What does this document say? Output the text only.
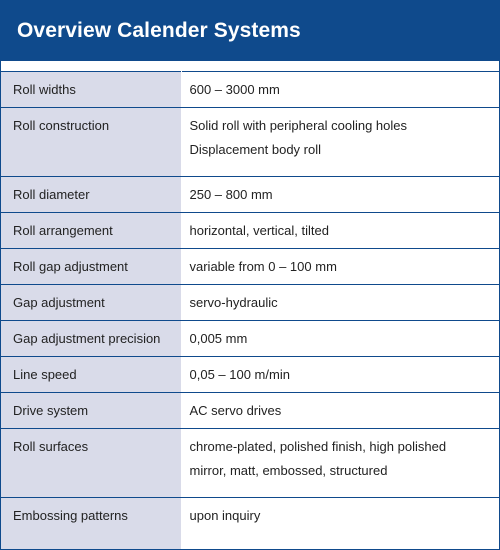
Overview Calender Systems
Roll widths	600 – 3000 mm

Roll construction	Solid roll with peripheral cooling holes
Displacement body roll

Roll diameter	250 – 800 mm

Roll arrangement	horizontal, vertical, tilted

Roll gap adjustment	variable from 0 – 100 mm

Gap adjustment	servo-hydraulic

Gap adjustment precision	0,005 mm

Line speed	0,05 – 100 m/min

Drive system	AC servo drives

Roll surfaces	chrome-plated, polished finish, high polished
mirror, matt, embossed, structured

Embossing patterns	upon inquiry
